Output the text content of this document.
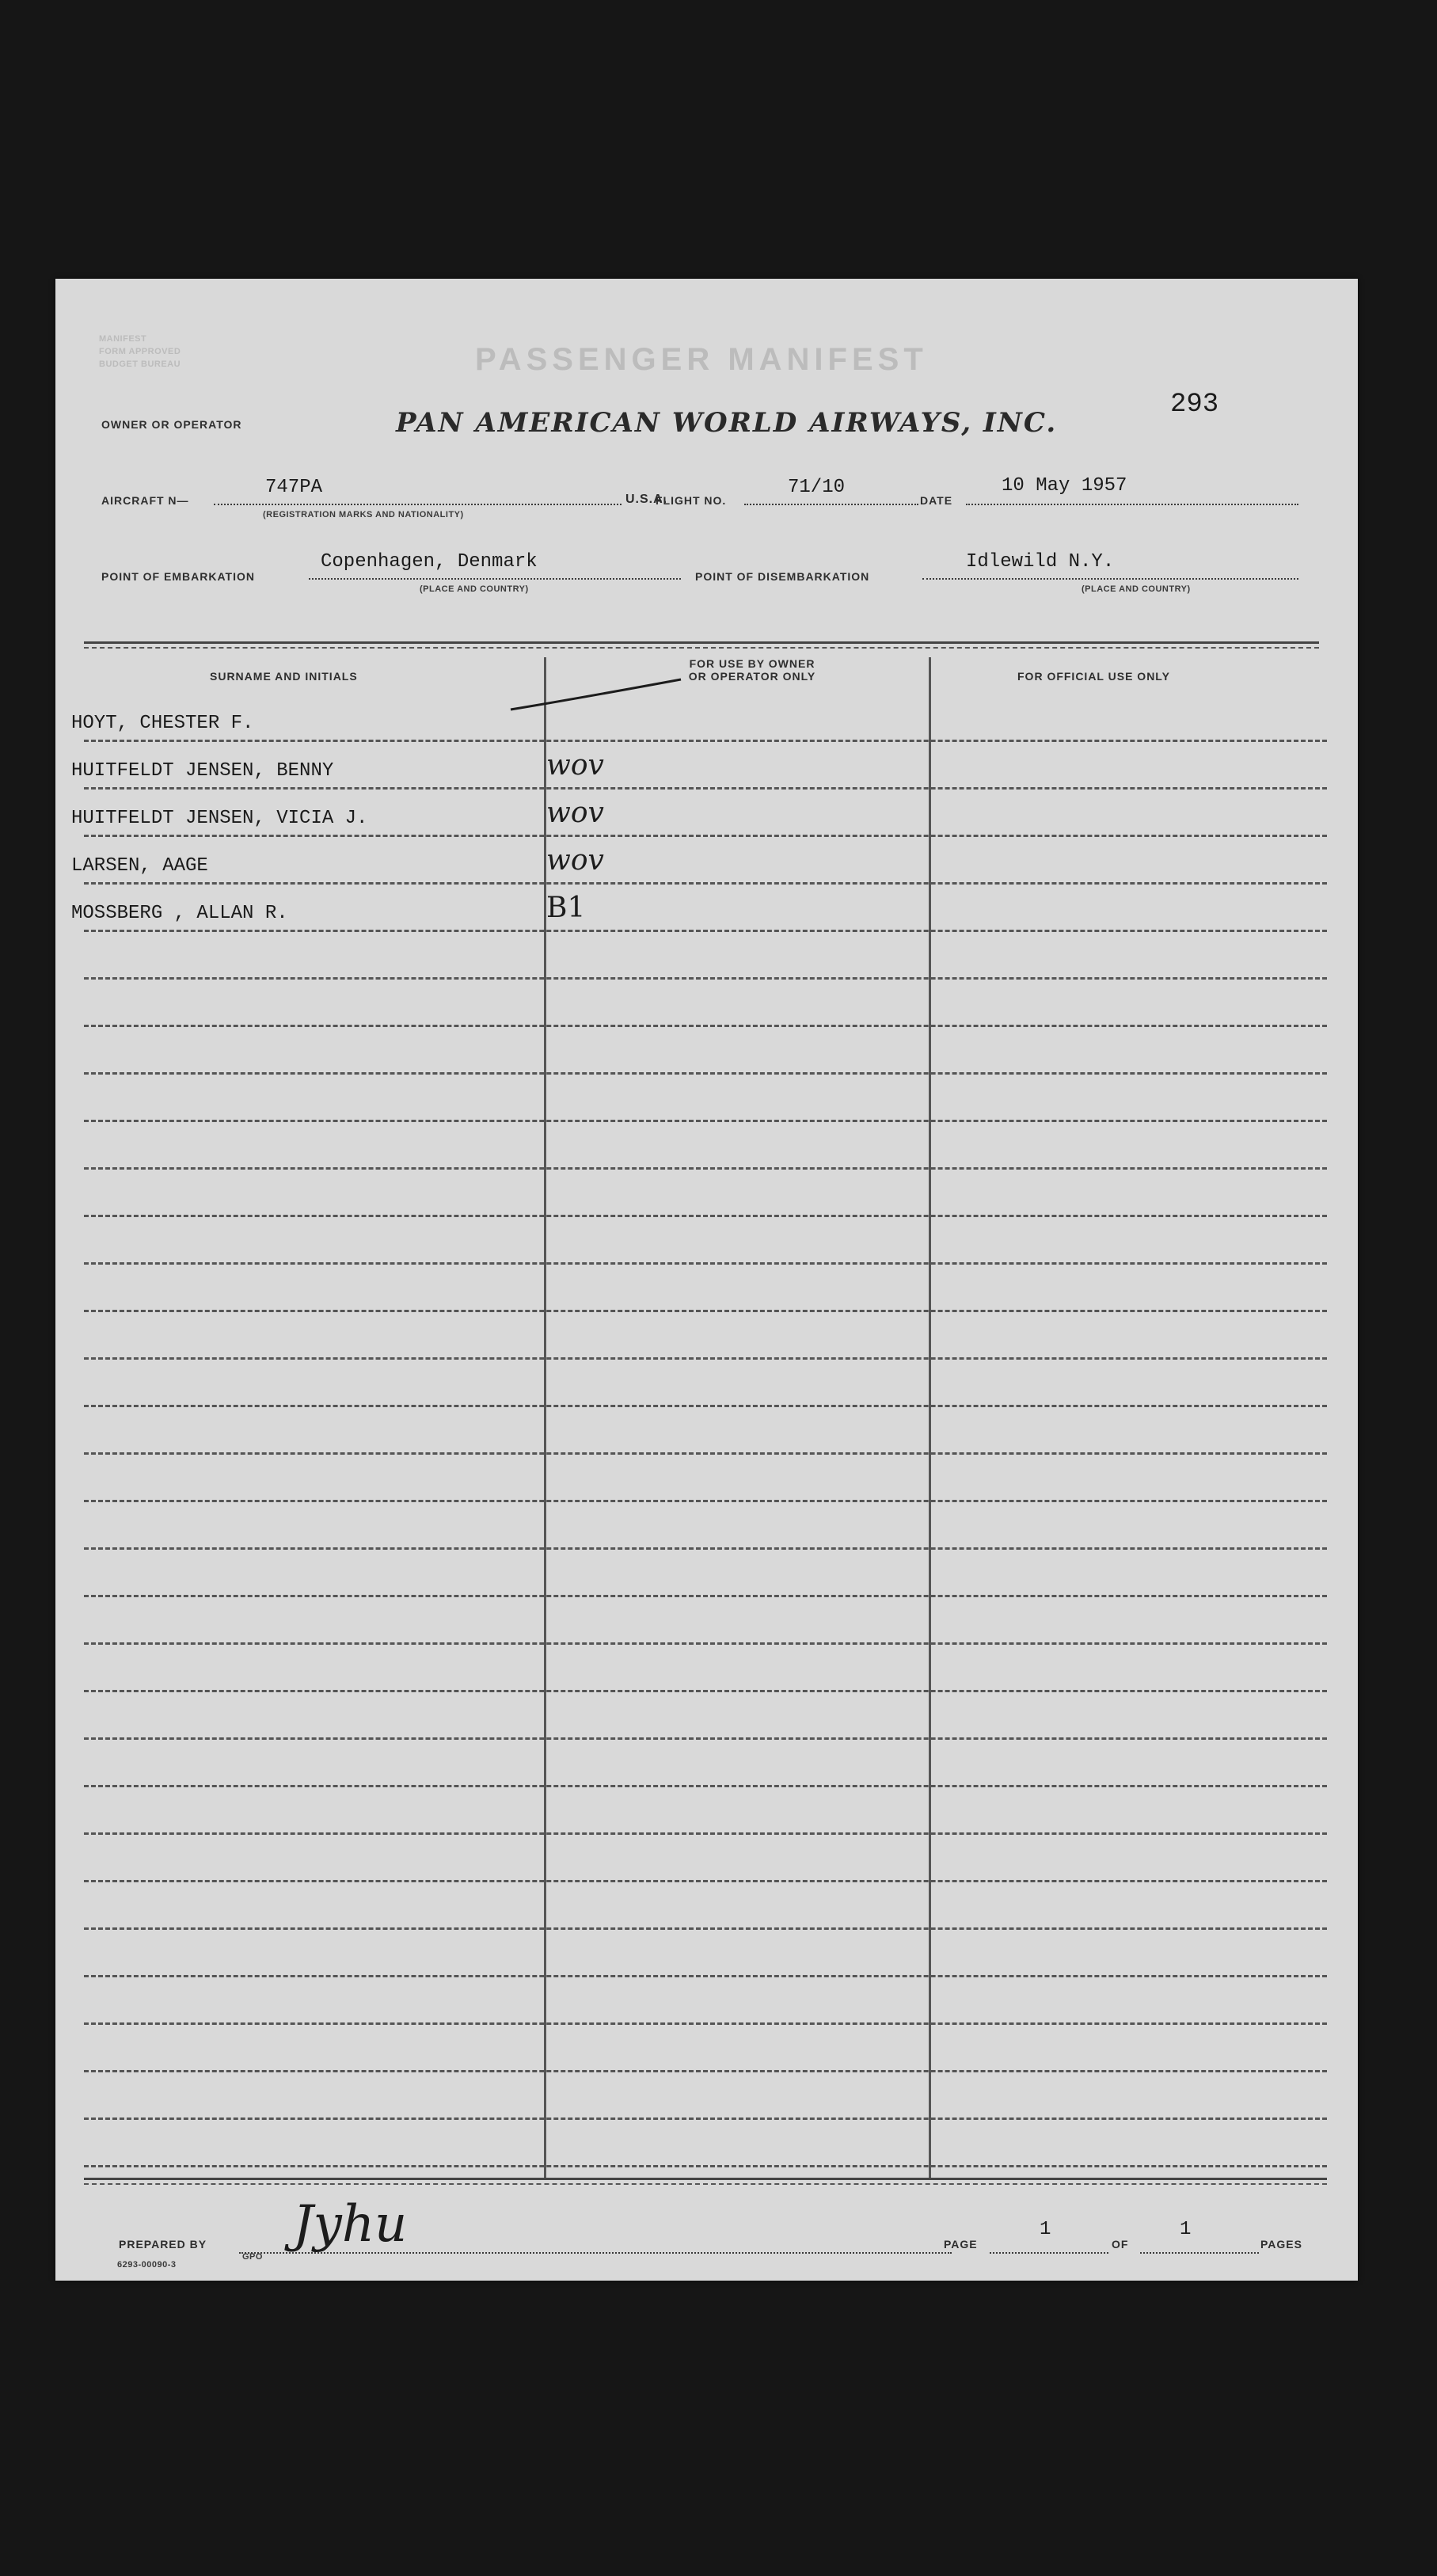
MANIFEST
FORM APPROVED
BUDGET BUREAU	PASSENGER MANIFEST
293
OWNER OR OPERATOR	PAN AMERICAN WORLD AIRWAYS, INC.
AIRCRAFT N—
747PA
(REGISTRATION MARKS AND NATIONALITY)
U.S.A.
FLIGHT NO.
71/10
DATE
10 May 1957
POINT OF EMBARKATION
Copenhagen, Denmark
(PLACE AND COUNTRY)
POINT OF DISEMBARKATION
Idlewild N.Y.
(PLACE AND COUNTRY)
SURNAME AND INITIALS
FOR USE BY OWNER
OR OPERATOR ONLY	FOR OFFICIAL USE ONLY
HOYT, CHESTER F.
HUITFELDT JENSEN, BENNY	wov
HUITFELDT JENSEN, VICIA J.	wov
LARSEN, AAGE	wov
MOSSBERG , ALLAN R.	B1
PREPARED BY Jyhu
6293-00090-3
GPO
PAGE
1
OF
1
PAGES
